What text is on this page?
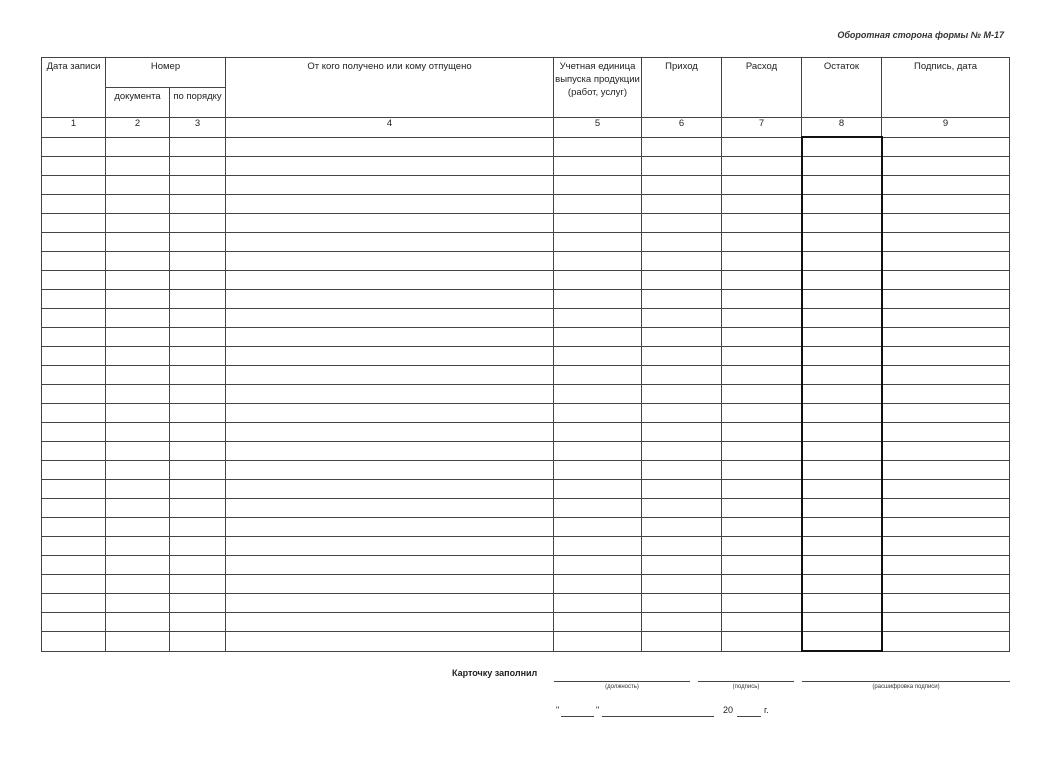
Оборотная сторона формы № М-17
Дата записи	Номер		От кого получено или кому отпущено	Учетная единица выпуска продукции (работ, услуг)	Приход	Расход	Остаток	Подпись, дата
	документа	по порядку						
1	2	3	4	5	6	7	8	9

Карточку заполнил
(должность)	(подпись)	(расшифровка подписи)
"	"	20	г.
